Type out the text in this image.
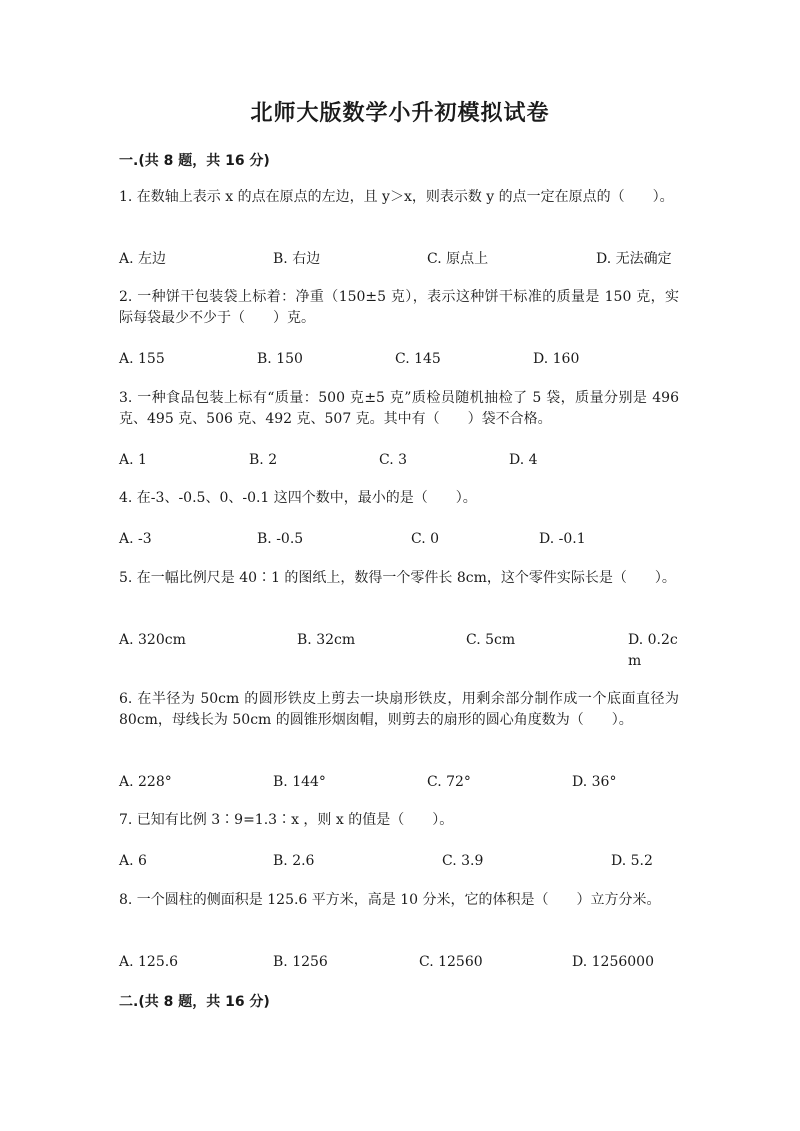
北师大版数学小升初模拟试卷
一.(共 8 题，共 16 分)
1. 在数轴上表示 x 的点在原点的左边，且 y＞x，则表示数 y 的点一定在原点的（　　）。
A. 左边	B. 右边	C. 原点上	D. 无法确定
2. 一种饼干包装袋上标着：净重（150±5 克），表示这种饼干标准的质量是 150 克，实际每袋最少不少于（　　）克。
A. 155	B. 150	C. 145	D. 160
3. 一种食品包装上标有“质量：500 克±5 克”质检员随机抽检了 5 袋，质量分别是 496 克、495 克、506 克、492 克、507 克。其中有（　　）袋不合格。
A. 1	B. 2	C. 3	D. 4
4. 在-3、-0.5、0、-0.1 这四个数中，最小的是（　　）。
A. -3	B. -0.5	C. 0	D. -0.1
5. 在一幅比例尺是 40∶1 的图纸上，数得一个零件长 8cm，这个零件实际长是（　　）。
A. 320cm	B. 32cm	C. 5cm	D. 0.2cm
6. 在半径为 50cm 的圆形铁皮上剪去一块扇形铁皮，用剩余部分制作成一个底面直径为 80cm，母线长为 50cm 的圆锥形烟囱帽，则剪去的扇形的圆心角度数为（　　）。
A. 228°	B. 144°	C. 72°	D. 36°
7. 已知有比例 3∶9=1.3∶x ，则 x 的值是（　　）。
A. 6	B. 2.6	C. 3.9	D. 5.2
8. 一个圆柱的侧面积是 125.6 平方米，高是 10 分米，它的体积是（　　）立方分米。
A. 125.6	B. 1256	C. 12560	D. 1256000
二.(共 8 题，共 16 分)
